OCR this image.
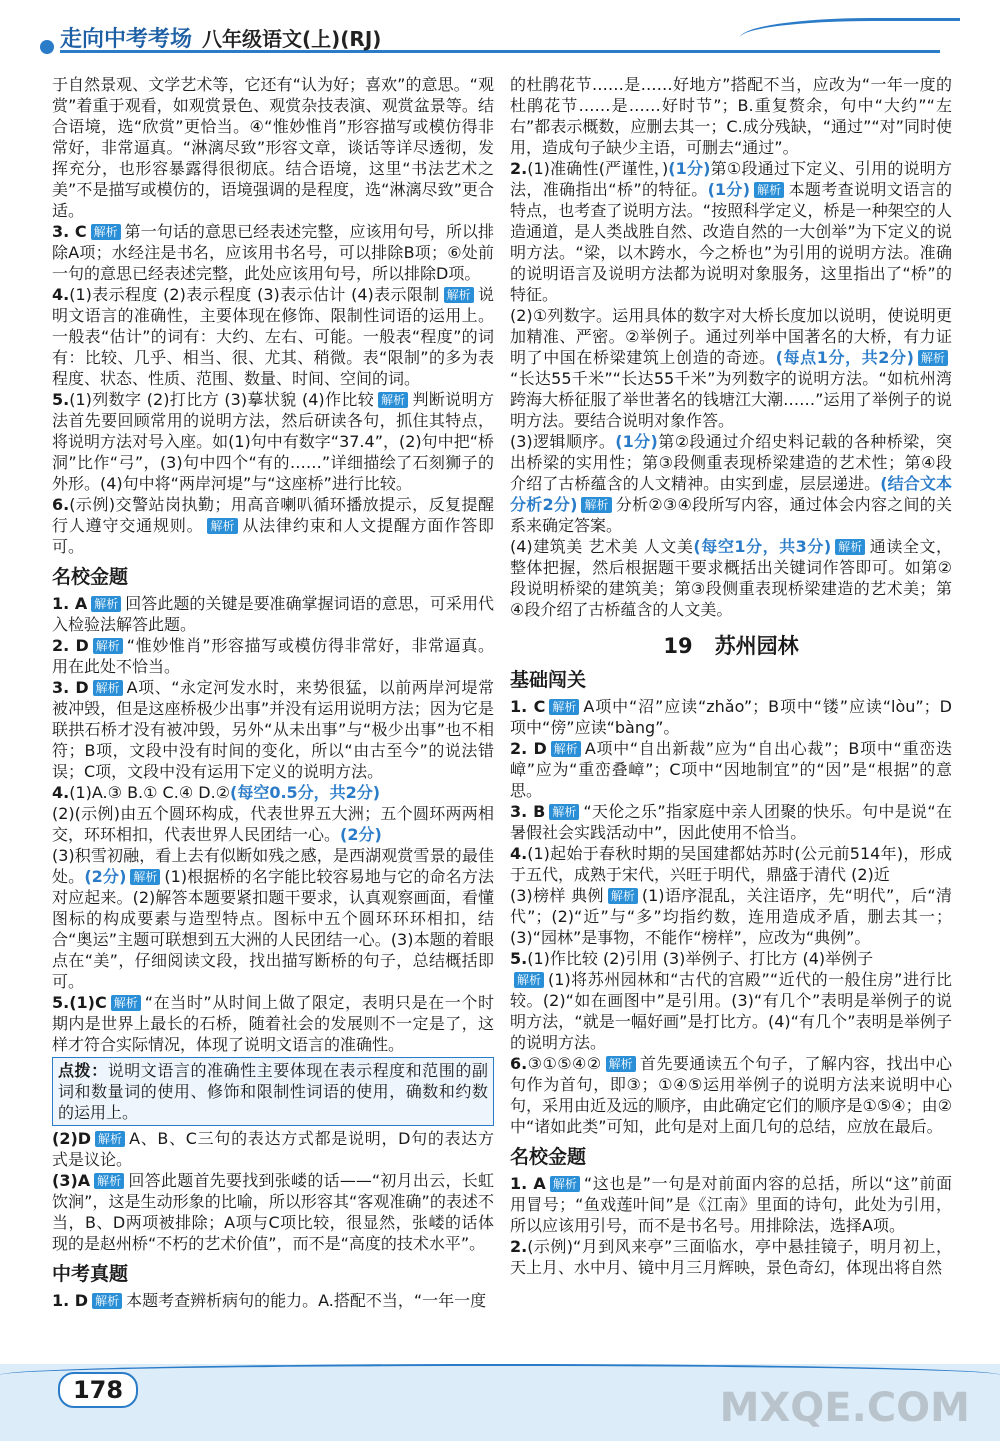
走向中考考场 八年级语文(上)(RJ)

于自然景观、文学艺术等，它还有“认为好；喜欢”的意思。“观赏”着重于观看，如观赏景色、观赏杂技表演、观赏盆景等。结合语境，选“欣赏”更恰当。④“惟妙惟肖”形容描写或模仿得非常好，非常逼真。“淋漓尽致”形容文章，谈话等详尽透彻，发挥充分，也形容暴露得很彻底。结合语境，这里“书法艺术之美”不是描写或模仿的，语境强调的是程度，选“淋漓尽致”更合适。

3. C 解析 第一句话的意思已经表述完整，应该用句号，所以排除A项；水经注是书名，应该用书名号，可以排除B项；⑥处前一句的意思已经表述完整，此处应该用句号，所以排除D项。

4.(1)表示程度 (2)表示程度 (3)表示估计 (4)表示限制 解析 说明文语言的准确性，主要体现在修饰、限制性词语的运用上。一般表“估计”的词有：大约、左右、可能。一般表“程度”的词有：比较、几乎、相当、很、尤其、稍微。表“限制”的多为表程度、状态、性质、范围、数量、时间、空间的词。

5.(1)列数字 (2)打比方 (3)摹状貌 (4)作比较 解析 判断说明方法首先要回顾常用的说明方法，然后研读各句，抓住其特点，将说明方法对号入座。如(1)句中有数字“37.4”，(2)句中把“桥洞”比作“弓”，(3)句中四个“有的……”详细描绘了石刻狮子的外形。(4)句中将“两岸河堤”与“这座桥”进行比较。

6.(示例)交警站岗执勤；用高音喇叭循环播放提示，反复提醒行人遵守交通规则。 解析 从法律约束和人文提醒方面作答即可。

名校金题

1. A 解析 回答此题的关键是要准确掌握词语的意思，可采用代入检验法解答此题。

2. D 解析 “惟妙惟肖”形容描写或模仿得非常好，非常逼真。用在此处不恰当。

3. D 解析 A项、“永定河发水时，来势很猛，以前两岸河堤常被冲毁，但是这座桥极少出事”并没有运用说明方法；因为它是联拱石桥才没有被冲毁，另外“从未出事”与“极少出事”也不相符；B项，文段中没有时间的变化，所以“由古至今”的说法错误；C项，文段中没有运用下定义的说明方法。

4.(1)A.③ B.① C.④ D.②(每空0.5分，共2分)

(2)(示例)由五个圆环构成，代表世界五大洲；五个圆环两两相交，环环相扣，代表世界人民团结一心。(2分)

(3)积雪初融，看上去有似断如残之感，是西湖观赏雪景的最佳处。(2分) 解析 (1)根据桥的名字能比较容易地与它的命名方法对应起来。(2)解答本题要紧扣题干要求，认真观察画面，看懂图标的构成要素与造型特点。图标中五个圆环环环相扣，结合“奥运”主题可联想到五大洲的人民团结一心。(3)本题的着眼点在“美”，仔细阅读文段，找出描写断桥的句子，总结概括即可。

5.(1)C 解析 “在当时”从时间上做了限定，表明只是在一个时期内是世界上最长的石桥，随着社会的发展则不一定是了，这样才符合实际情况，体现了说明文语言的准确性。

点拨：说明文语言的准确性主要体现在表示程度和范围的副词和数量词的使用、修饰和限制性词语的使用，确数和约数的运用上。

(2)D 解析 A、B、C三句的表达方式都是说明，D句的表达方式是议论。

(3)A 解析 回答此题首先要找到张嵝的话——“初月出云，长虹饮涧”，这是生动形象的比喻，所以形容其“客观准确”的表述不当，B、D两项被排除；A项与C项比较，很显然，张嵝的话体现的是赵州桥“不朽的艺术价值”，而不是“高度的技术水平”。

中考真题

1. D 解析 本题考查辨析病句的能力。A.搭配不当，“一年一度

的杜鹃花节……是……好地方”搭配不当，应改为“一年一度的杜鹃花节……是……好时节”；B.重复赘余，句中“大约”“左右”都表示概数，应删去其一；C.成分残缺，“通过”“对”同时使用，造成句子缺少主语，可删去“通过”。

2.(1)准确性(严谨性，)(1分)第①段通过下定义、引用的说明方法，准确指出“桥”的特征。(1分) 解析 本题考查说明文语言的特点，也考查了说明方法。“按照科学定义，桥是一种架空的人造通道，是人类战胜自然、改造自然的一大创举”为下定义的说明方法。“梁，以木跨水，今之桥也”为引用的说明方法。准确的说明语言及说明方法都为说明对象服务，这里指出了“桥”的特征。

(2)①列数字。运用具体的数字对大桥长度加以说明，使说明更加精准、严密。②举例子。通过列举中国著名的大桥，有力证明了中国在桥梁建筑上创造的奇迹。(每点1分，共2分) 解析“长达55千米”“长达55千米”为列数字的说明方法。“如杭州湾跨海大桥征服了举世著名的钱塘江大潮……”运用了举例子的说明方法。要结合说明对象作答。

(3)逻辑顺序。(1分)第②段通过介绍史料记载的各种桥梁，突出桥梁的实用性；第③段侧重表现桥梁建造的艺术性；第④段介绍了古桥蕴含的人文精神。由实到虚，层层递进。(结合文本分析2分) 解析 分析②③④段所写内容，通过体会内容之间的关系来确定答案。

(4)建筑美 艺术美 人文美(每空1分，共3分) 解析 通读全文，整体把握，然后根据题干要求概括出关键词作答即可。如第②段说明桥梁的建筑美；第③段侧重表现桥梁建造的艺术美；第④段介绍了古桥蕴含的人文美。

19 苏州园林
基础闯关

1. C 解析 A项中“沼”应读“zhǎo”；B项中“镂”应读“lòu”；D项中“傍”应读“bàng”。

2. D 解析 A项中“自出新裁”应为“自出心裁”；B项中“重峦迭嶂”应为“重峦叠嶂”；C项中“因地制宜”的“因”是“根据”的意思。

3. B 解析 “天伦之乐”指家庭中亲人团聚的快乐。句中是说“在暑假社会实践活动中”，因此使用不恰当。

4.(1)起始于春秋时期的吴国建都姑苏时(公元前514年)，形成于五代，成熟于宋代，兴旺于明代，鼎盛于清代 (2)近

(3)榜样 典例 解析 (1)语序混乱，关注语序，先“明代”，后“清代”；(2)“近”与“多”均指约数，连用造成矛盾，删去其一；(3)“园林”是事物，不能作“榜样”，应改为“典例”。

5.(1)作比较 (2)引用 (3)举例子、打比方 (4)举例子

解析 (1)将苏州园林和“古代的宫殿”“近代的一般住房”进行比较。(2)“如在画图中”是引用。(3)“有几个”表明是举例子的说明方法，“就是一幅好画”是打比方。(4)“有几个”表明是举例子的说明方法。

6.③①⑤④② 解析 首先要通读五个句子，了解内容，找出中心句作为首句，即③；①④⑤运用举例子的说明方法来说明中心句，采用由近及远的顺序，由此确定它们的顺序是①⑤④；由②中“诸如此类”可知，此句是对上面几句的总结，应放在最后。

名校金题

1. A 解析 “这也是”一句是对前面内容的总括，所以“这”前面用冒号；“鱼戏莲叶间”是《江南》里面的诗句，此处为引用，所以应该用引号，而不是书名号。用排除法，选择A项。

2.(示例)“月到风来亭”三面临水，亭中悬挂镜子，明月初上，天上月、水中月、镜中月三月辉映，景色奇幻，体现出将自然

178	MXQE.COM
